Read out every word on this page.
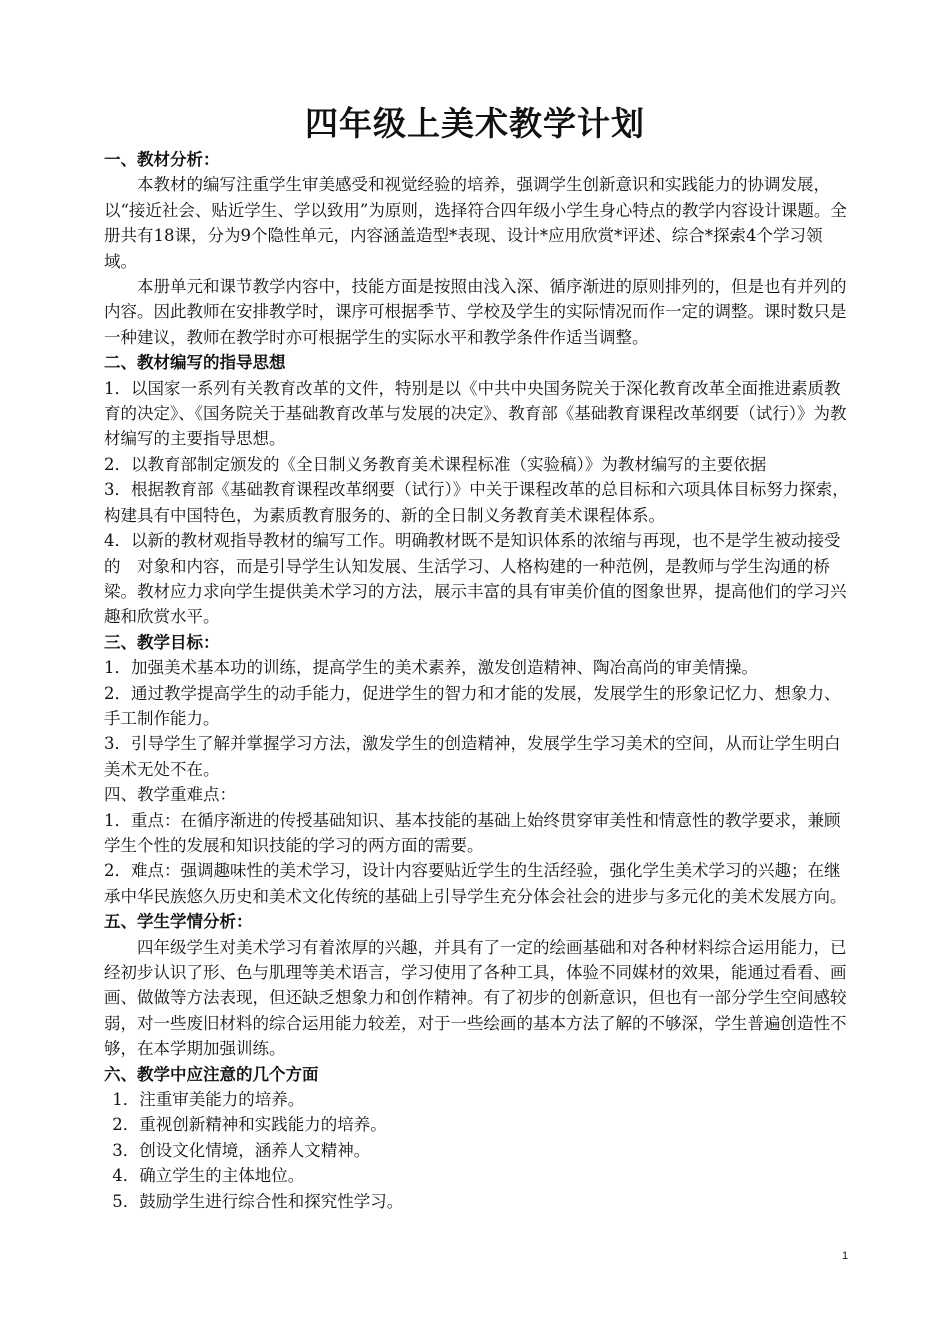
四年级上美术教学计划

一、教材分析：

本教材的编写注重学生审美感受和视觉经验的培养，强调学生创新意识和实践能力的协调发展，以“接近社会、贴近学生、学以致用”为原则，选择符合四年级小学生身心特点的教学内容设计课题。全册共有18课，分为9个隐性单元，内容涵盖造型*表现、设计*应用欣赏*评述、综合*探索4个学习领域。

本册单元和课节教学内容中，技能方面是按照由浅入深、循序渐进的原则排列的，但是也有并列的内容。因此教师在安排教学时，课序可根据季节、学校及学生的实际情况而作一定的调整。课时数只是一种建议，教师在教学时亦可根据学生的实际水平和教学条件作适当调整。

二、教材编写的指导思想

1．以国家一系列有关教育改革的文件，特别是以《中共中央国务院关于深化教育改革全面推进素质教育的决定》、《国务院关于基础教育改革与发展的决定》、教育部《基础教育课程改革纲要（试行）》为教材编写的主要指导思想。

2．以教育部制定颁发的《全日制义务教育美术课程标准（实验稿）》为教材编写的主要依据

3．根据教育部《基础教育课程改革纲要（试行）》中关于课程改革的总目标和六项具体目标努力探索，构建具有中国特色，为素质教育服务的、新的全日制义务教育美术课程体系。

4．以新的教材观指导教材的编写工作。明确教材既不是知识体系的浓缩与再现，也不是学生被动接受的　对象和内容，而是引导学生认知发展、生活学习、人格构建的一种范例，是教师与学生沟通的桥梁。教材应力求向学生提供美术学习的方法，展示丰富的具有审美价值的图象世界，提高他们的学习兴趣和欣赏水平。

三、教学目标：

1．加强美术基本功的训练，提高学生的美术素养，激发创造精神、陶冶高尚的审美情操。

2．通过教学提高学生的动手能力，促进学生的智力和才能的发展，发展学生的形象记忆力、想象力、手工制作能力。

3．引导学生了解并掌握学习方法，激发学生的创造精神，发展学生学习美术的空间，从而让学生明白美术无处不在。

四、教学重难点：

1．重点：在循序渐进的传授基础知识、基本技能的基础上始终贯穿审美性和情意性的教学要求，兼顾学生个性的发展和知识技能的学习的两方面的需要。

2．难点：强调趣味性的美术学习，设计内容要贴近学生的生活经验，强化学生美术学习的兴趣；在继承中华民族悠久历史和美术文化传统的基础上引导学生充分体会社会的进步与多元化的美术发展方向。

五、学生学情分析：

四年级学生对美术学习有着浓厚的兴趣，并具有了一定的绘画基础和对各种材料综合运用能力，已经初步认识了形、色与肌理等美术语言，学习使用了各种工具，体验不同媒材的效果，能通过看看、画画、做做等方法表现，但还缺乏想象力和创作精神。有了初步的创新意识，但也有一部分学生空间感较弱，对一些废旧材料的综合运用能力较差，对于一些绘画的基本方法了解的不够深，学生普遍创造性不够，在本学期加强训练。

六、教学中应注意的几个方面

1．注重审美能力的培养。

2．重视创新精神和实践能力的培养。

3．创设文化情境，涵养人文精神。

4．确立学生的主体地位。

5．鼓励学生进行综合性和探究性学习。

1
